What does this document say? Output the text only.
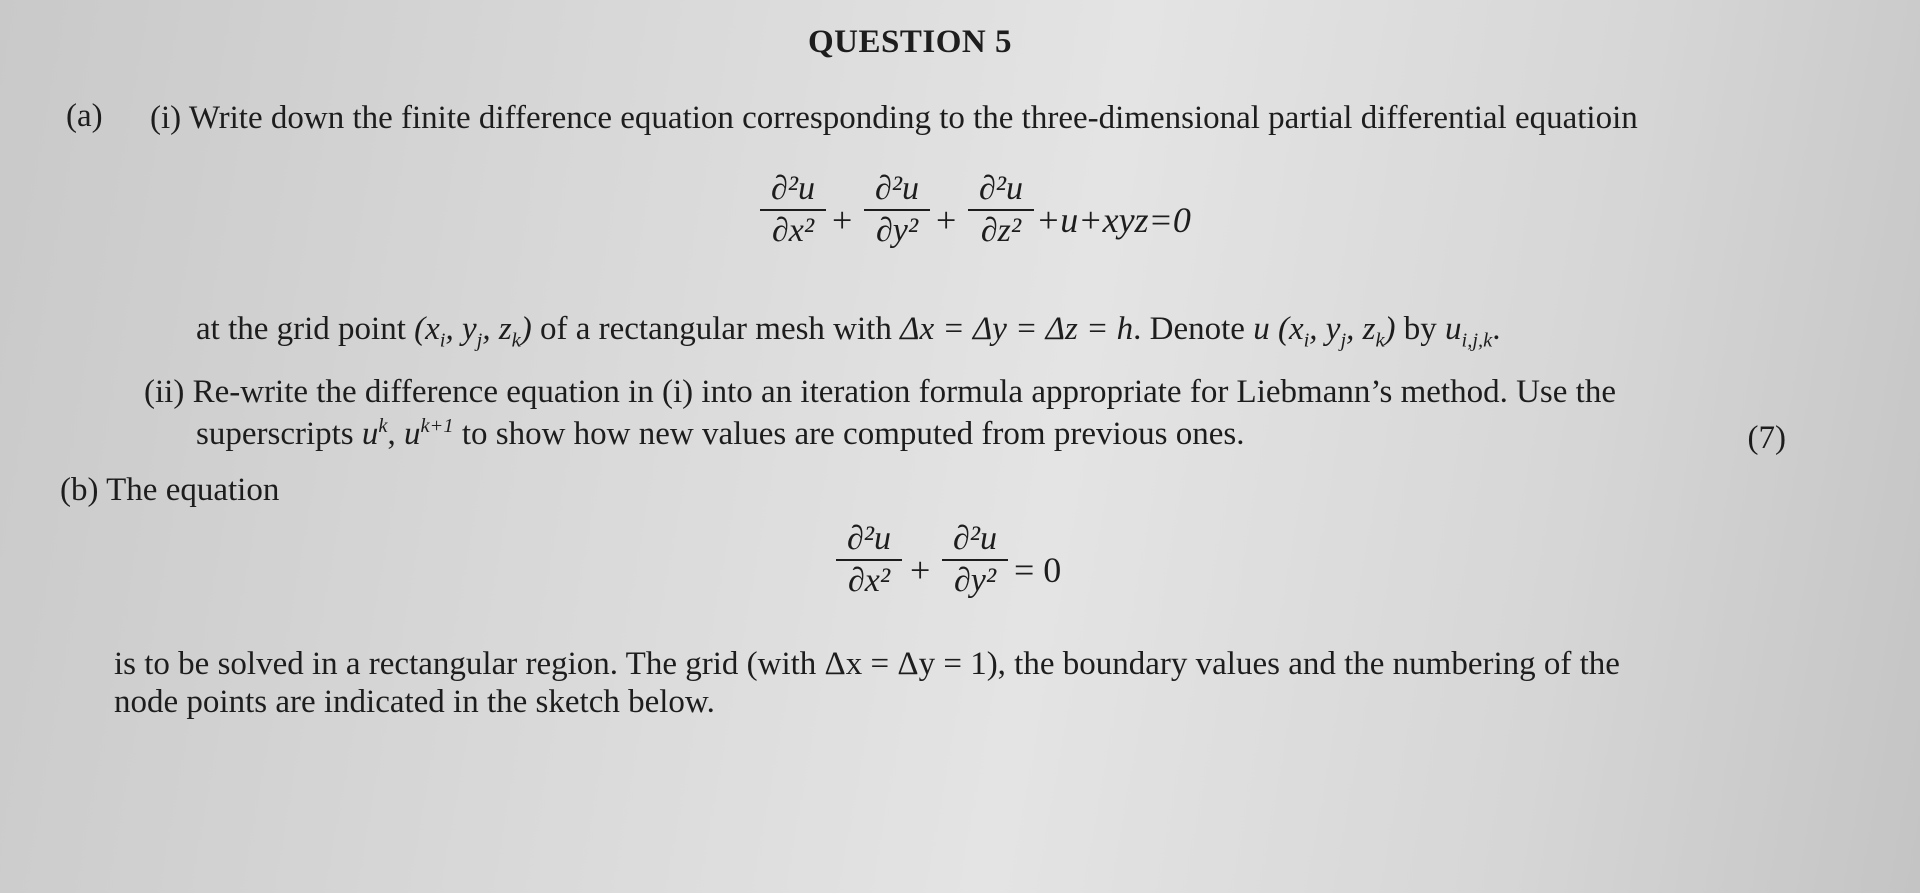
QUESTION 5
(a) (i) Write down the finite difference equation corresponding to the three-dimensional partial differential equatioin
∂²u
∂x² +
∂²u
∂y² +
∂²u
∂z² +u+xyz=0
at the grid point ($x_i$, $y_j$, $z_k$) of a rectangular mesh with Δx = Δy = Δz = h. Denote u ($x_i$, $y_j$, $z_k$) by $u_{i,j,k}$.
(ii) Re-write the difference equation in (i) into an iteration formula appropriate for Liebmann’s method. Use the
superscripts $u^k$, $u^{k+1}$ to show how new values are computed from previous ones.	(7)
(b) The equation
∂²u
∂x² +
∂²u
∂y² = 0
is to be solved in a rectangular region. The grid (with Δx = Δy = 1), the boundary values and the numbering of the
node points are indicated in the sketch below.
